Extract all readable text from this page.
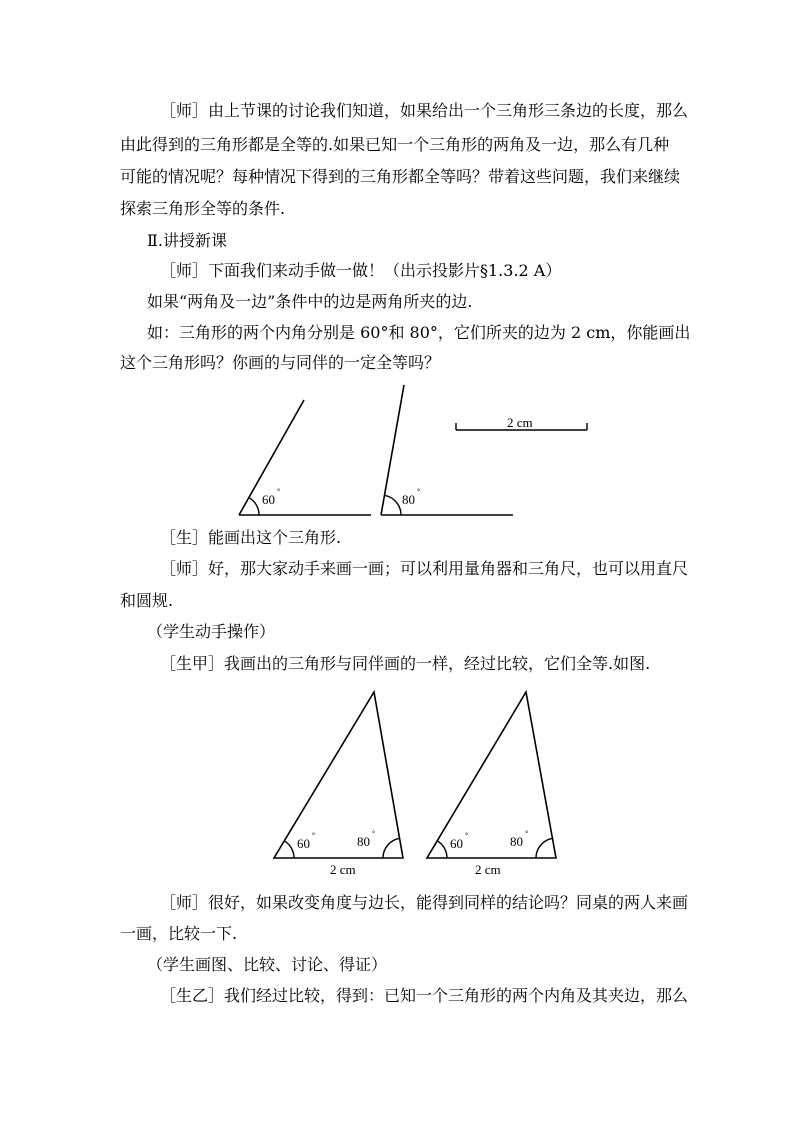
［师］由上节课的讨论我们知道，如果给出一个三角形三条边的长度，那么

由此得到的三角形都是全等的.如果已知一个三角形的两角及一边，那么有几种

可能的情况呢？每种情况下得到的三角形都全等吗？带着这些问题，我们来继续

探索三角形全等的条件.

Ⅱ.讲授新课

［师］下面我们来动手做一做！（出示投影片§1.3.2 A）

如果“两角及一边”条件中的边是两角所夹的边.

如：三角形的两个内角分别是 60°和 80°，它们所夹的边为 2 cm，你能画出

这个三角形吗？你画的与同伴的一定全等吗？

60
°
80
°
2 cm
60
°	80
°
2 cm
60
°	80
°
2 cm

［生］能画出这个三角形.

［师］好，那大家动手来画一画；可以利用量角器和三角尺，也可以用直尺

和圆规.

（学生动手操作）

［生甲］我画出的三角形与同伴画的一样，经过比较，它们全等.如图.

［师］很好，如果改变角度与边长，能得到同样的结论吗？同桌的两人来画

一画，比较一下.

（学生画图、比较、讨论、得证）

［生乙］我们经过比较，得到：已知一个三角形的两个内角及其夹边，那么
